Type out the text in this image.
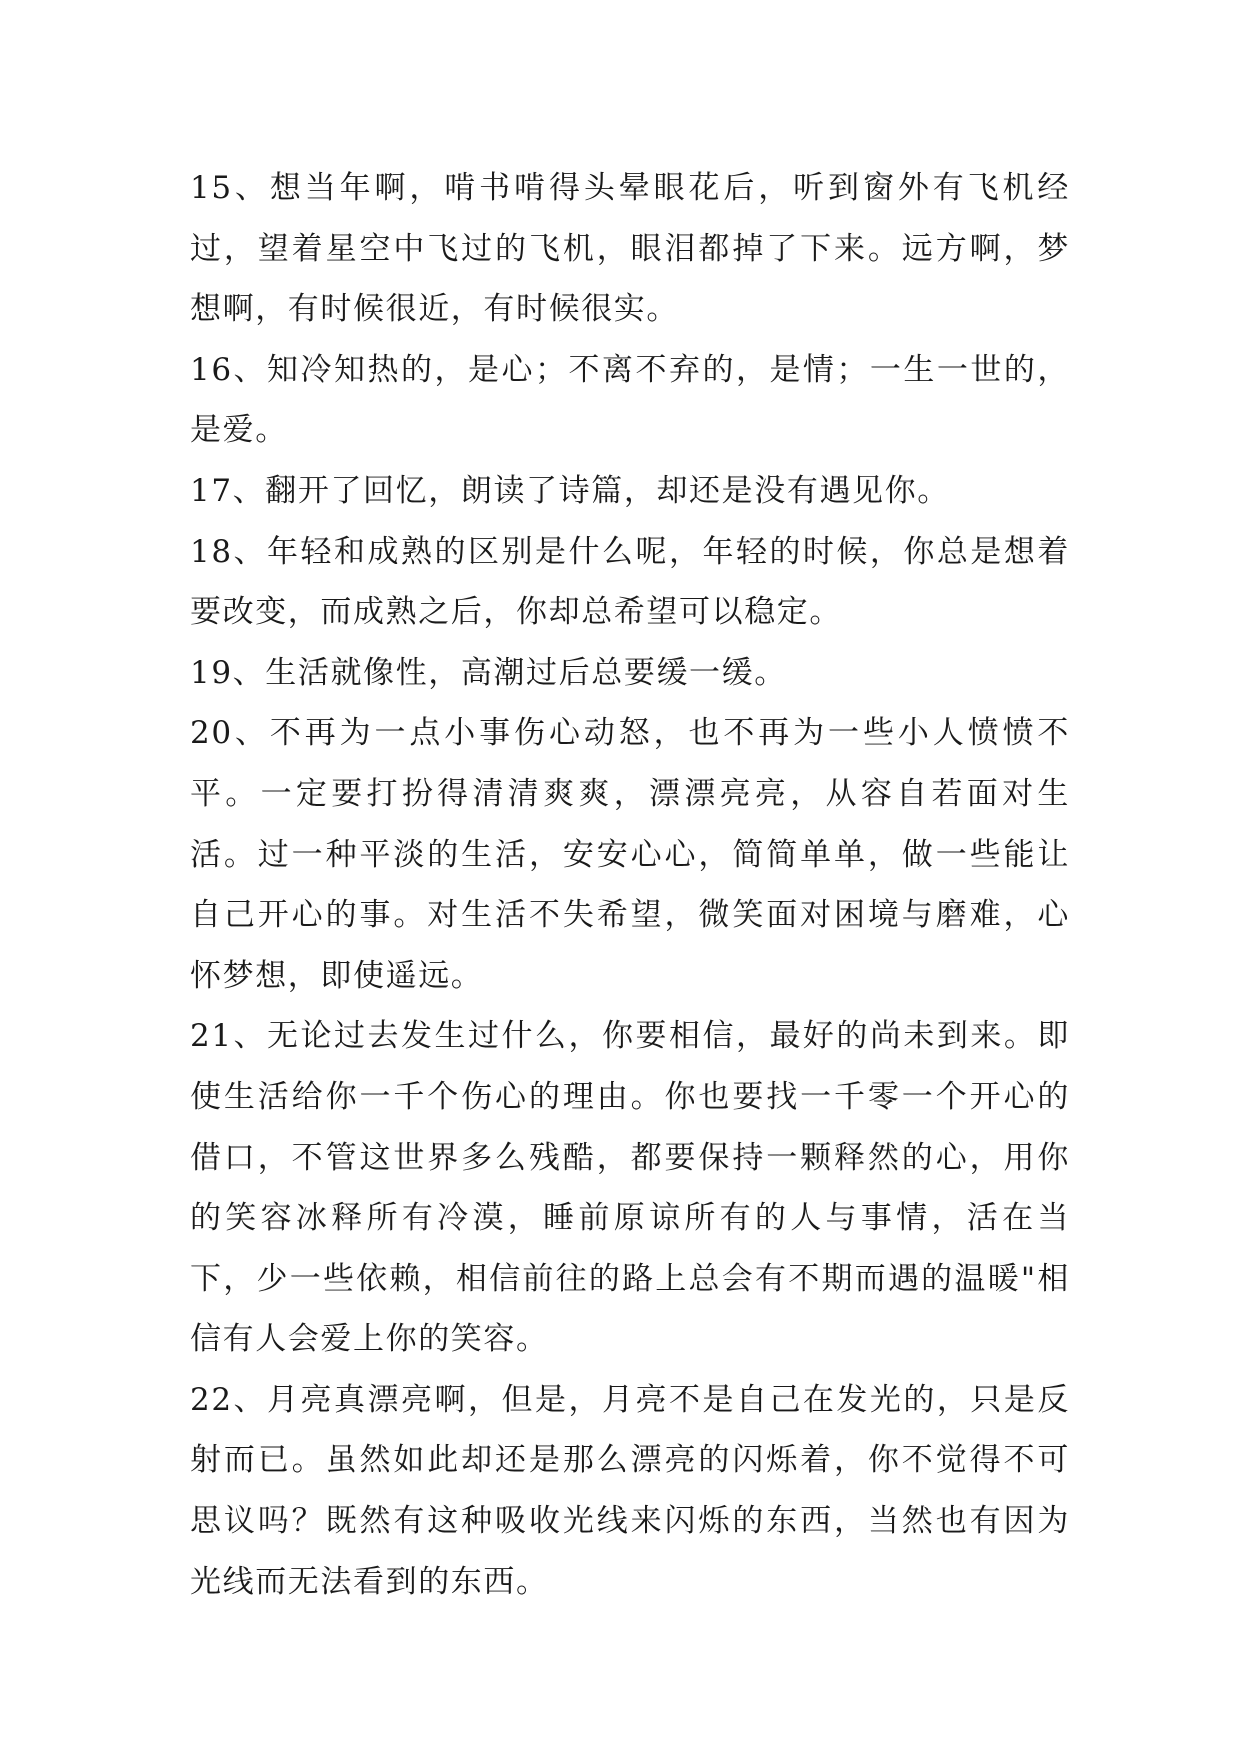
15、想当年啊，啃书啃得头晕眼花后，听到窗外有飞机经过，望着星空中飞过的飞机，眼泪都掉了下来。远方啊，梦想啊，有时候很近，有时候很实。

16、知冷知热的，是心；不离不弃的，是情；一生一世的，是爱。

17、翻开了回忆，朗读了诗篇，却还是没有遇见你。

18、年轻和成熟的区别是什么呢，年轻的时候，你总是想着要改变，而成熟之后，你却总希望可以稳定。

19、生活就像性，高潮过后总要缓一缓。

20、不再为一点小事伤心动怒，也不再为一些小人愤愤不平。一定要打扮得清清爽爽，漂漂亮亮，从容自若面对生活。过一种平淡的生活，安安心心，简简单单，做一些能让自己开心的事。对生活不失希望，微笑面对困境与磨难，心怀梦想，即使遥远。

21、无论过去发生过什么，你要相信，最好的尚未到来。即使生活给你一千个伤心的理由。你也要找一千零一个开心的借口，不管这世界多么残酷，都要保持一颗释然的心，用你的笑容冰释所有冷漠，睡前原谅所有的人与事情，活在当下，少一些依赖，相信前往的路上总会有不期而遇的温暖"相信有人会爱上你的笑容。

22、月亮真漂亮啊，但是，月亮不是自己在发光的，只是反射而已。虽然如此却还是那么漂亮的闪烁着，你不觉得不可思议吗？既然有这种吸收光线来闪烁的东西，当然也有因为光线而无法看到的东西。
